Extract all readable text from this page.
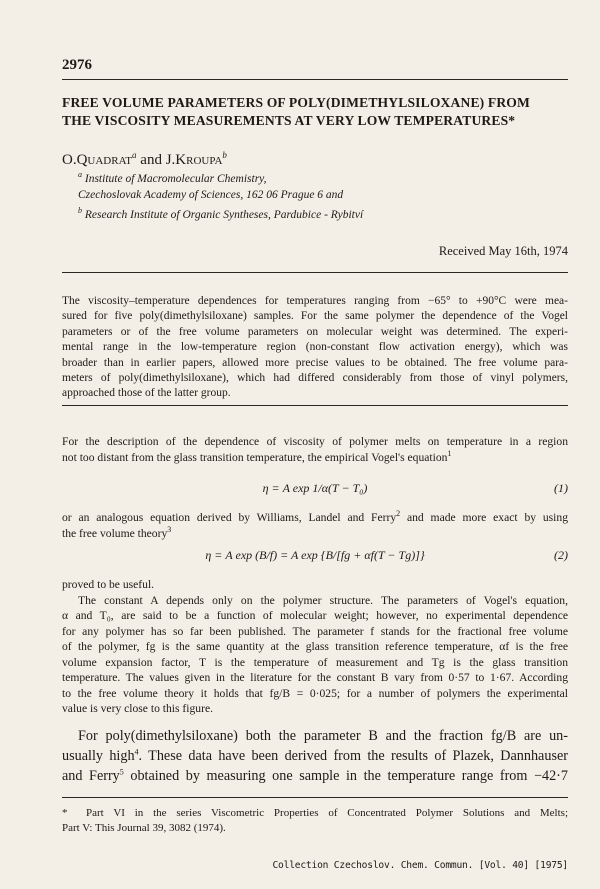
2976
FREE VOLUME PARAMETERS OF POLY(DIMETHYLSILOXANE) FROM
THE VISCOSITY MEASUREMENTS AT VERY LOW TEMPERATURES*
O.Quadrat$^a$ and J.Kroupa$^b$
$^a$ Institute of Macromolecular Chemistry,
Czechoslovak Academy of Sciences, 162 06 Prague 6 and
$^b$ Research Institute of Organic Syntheses, Pardubice - Rybitví
Received May 16th, 1974
The viscosity–temperature dependences for temperatures ranging from −65° to +90°C were mea-
sured for five poly(dimethylsiloxane) samples. For the same polymer the dependence of the Vogel
parameters or of the free volume parameters on molecular weight was determined. The experi-
mental range in the low-temperature region (non-constant flow activation energy), which was
broader than in earlier papers, allowed more precise values to be obtained. The free volume para-
meters of poly(dimethylsiloxane), which had differed considerably from those of vinyl polymers,
approached those of the latter group.
For the description of the dependence of viscosity of polymer melts on temperature in a region
not too distant from the glass transition temperature, the empirical Vogel's equation$^1$
η = A exp 1/α(T − T₀)	(1)
or an analogous equation derived by Williams, Landel and Ferry$^2$ and made more exact by using
the free volume theory$^3$
η = A exp (B/f) = A exp {B/[fg + αf(T − Tg)]}	(2)
proved to be useful.
The constant A depends only on the polymer structure. The parameters of Vogel's equation,
α and T₀, are said to be a function of molecular weight; however, no experimental dependence
for any polymer has so far been published. The parameter f stands for the fractional free volume
of the polymer, fg is the same quantity at the glass transition reference temperature, αf is the free
volume expansion factor, T is the temperature of measurement and Tg is the glass transition
temperature. The values given in the literature for the constant B vary from 0·57 to 1·67. According
to the free volume theory it holds that fg/B = 0·025; for a number of polymers the experimental
value is very close to this figure.
For poly(dimethylsiloxane) both the parameter B and the fraction fg/B are un-
usually high$^4$. These data have been derived from the results of Plazek, Dannhauser
and Ferry$^5$ obtained by measuring one sample in the temperature range from −42·7
* Part VI in the series Viscometric Properties of Concentrated Polymer Solutions and Melts;
Part V: This Journal 39, 3082 (1974).
Collection Czechoslov. Chem. Commun. [Vol. 40] [1975]
